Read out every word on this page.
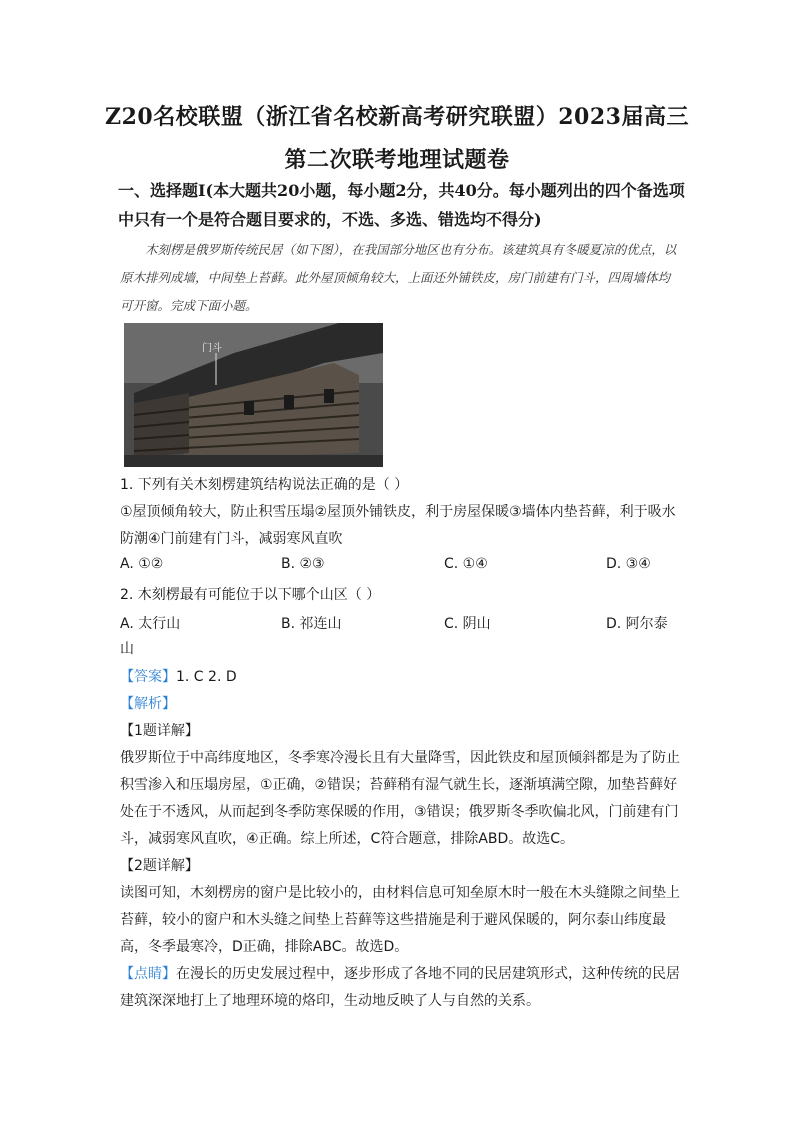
Z20名校联盟（浙江省名校新高考研究联盟）2023届高三
第二次联考地理试题卷
一、选择题Ⅰ(本大题共20小题，每小题2分，共40分。每小题列出的四个备选项中只有一个是符合题目要求的，不选、多选、错选均不得分)

木刻楞是俄罗斯传统民居（如下图），在我国部分地区也有分布。该建筑具有冬暖夏凉的优点，以原木排列成墙，中间垫上苔藓。此外屋顶倾角较大，上面还外铺铁皮，房门前建有门斗，四周墙体均可开窗。完成下面小题。

门斗

1. 下列有关木刻楞建筑结构说法正确的是（ ）

①屋顶倾角较大，防止积雪压塌②屋顶外铺铁皮，利于房屋保暖③墙体内垫苔藓，利于吸水防潮④门前建有门斗，减弱寒风直吹

A. ①②	B. ②③	C. ①④	D. ③④

2. 木刻楞最有可能位于以下哪个山区（ ）

A. 太行山	B. 祁连山	C. 阴山	D. 阿尔泰
山

【答案】1. C 2. D

【解析】

【1题详解】

俄罗斯位于中高纬度地区，冬季寒冷漫长且有大量降雪，因此铁皮和屋顶倾斜都是为了防止积雪渗入和压塌房屋，①正确，②错误；苔藓稍有湿气就生长，逐渐填满空隙，加垫苔藓好处在于不透风，从而起到冬季防寒保暖的作用，③错误；俄罗斯冬季吹偏北风，门前建有门斗，减弱寒风直吹，④正确。综上所述，C符合题意，排除ABD。故选C。

【2题详解】

读图可知，木刻楞房的窗户是比较小的，由材料信息可知垒原木时一般在木头缝隙之间垫上苔藓，较小的窗户和木头缝之间垫上苔藓等这些措施是利于避风保暖的，阿尔泰山纬度最高，冬季最寒冷，D正确，排除ABC。故选D。

【点睛】在漫长的历史发展过程中，逐步形成了各地不同的民居建筑形式，这种传统的民居建筑深深地打上了地理环境的烙印，生动地反映了人与自然的关系。
